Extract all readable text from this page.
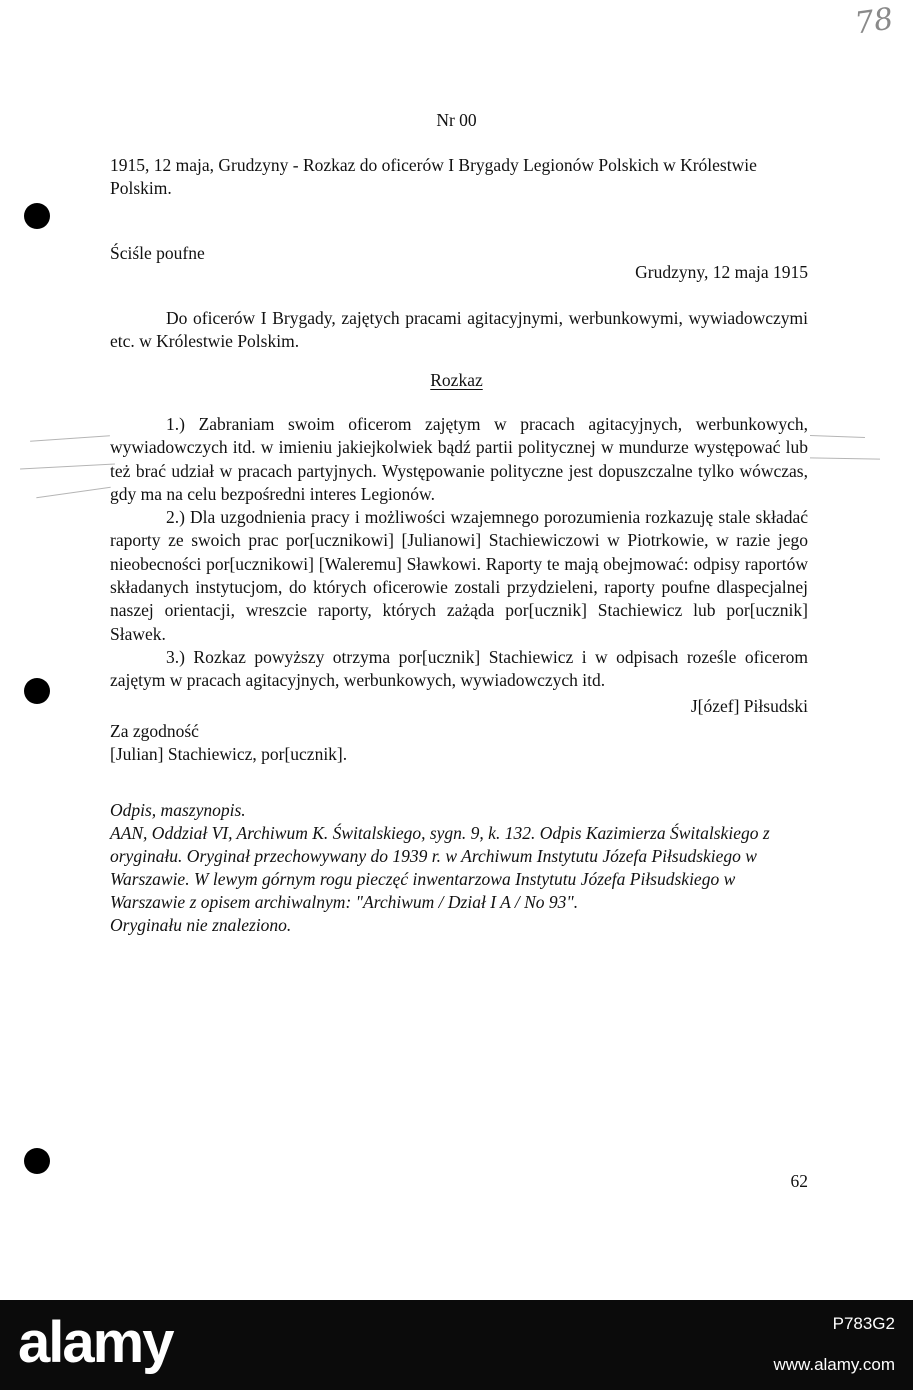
78
Nr 00
1915, 12 maja, Grudzyny - Rozkaz do oficerów I Brygady Legionów Polskich w Królestwie Polskim.
Ściśle poufne
Grudzyny, 12 maja 1915
Do oficerów I Brygady, zajętych pracami agitacyjnymi, werbunkowymi, wywiadowczymi etc. w Królestwie Polskim.
Rozkaz

1.) Zabraniam swoim oficerom zajętym w pracach agitacyjnych, werbunkowych, wywiadowczych itd. w imieniu jakiejkolwiek bądź partii politycznej w mundurze występować lub też brać udział w pracach partyjnych. Występowanie polityczne jest dopuszczalne tylko wówczas, gdy ma na celu bezpośredni interes Legionów.

2.) Dla uzgodnienia pracy i możliwości wzajemnego porozumienia rozkazuję stale składać raporty ze swoich prac por[ucznikowi] [Julianowi] Stachiewiczowi w Piotrkowie, w razie jego nieobecności por[ucznikowi] [Waleremu] Sławkowi. Raporty te mają obejmować: odpisy raportów składanych instytucjom, do których oficerowie zostali przydzieleni, raporty poufne dlaspecjalnej naszej orientacji, wreszcie raporty, których zażąda por[ucznik] Stachiewicz lub por[ucznik] Sławek.

3.) Rozkaz powyższy otrzyma por[ucznik] Stachiewicz i w odpisach roześle oficerom zajętym w pracach agitacyjnych, werbunkowych, wywiadowczych itd.

J[ózef] Piłsudski
Za zgodność
[Julian] Stachiewicz, por[ucznik].

Odpis, maszynopis.

AAN, Oddział VI, Archiwum K. Świtalskiego, sygn. 9, k. 132. Odpis Kazimierza Świtalskiego z oryginału. Oryginał przechowywany do 1939 r. w Archiwum Instytutu Józefa Piłsudskiego w Warszawie. W lewym górnym rogu pieczęć inwentarzowa Instytutu Józefa Piłsudskiego w Warszawie z opisem archiwalnym: "Archiwum / Dział I A / No 93".

Oryginału nie znaleziono.

62
alamy	P783G2
www.alamy.com
